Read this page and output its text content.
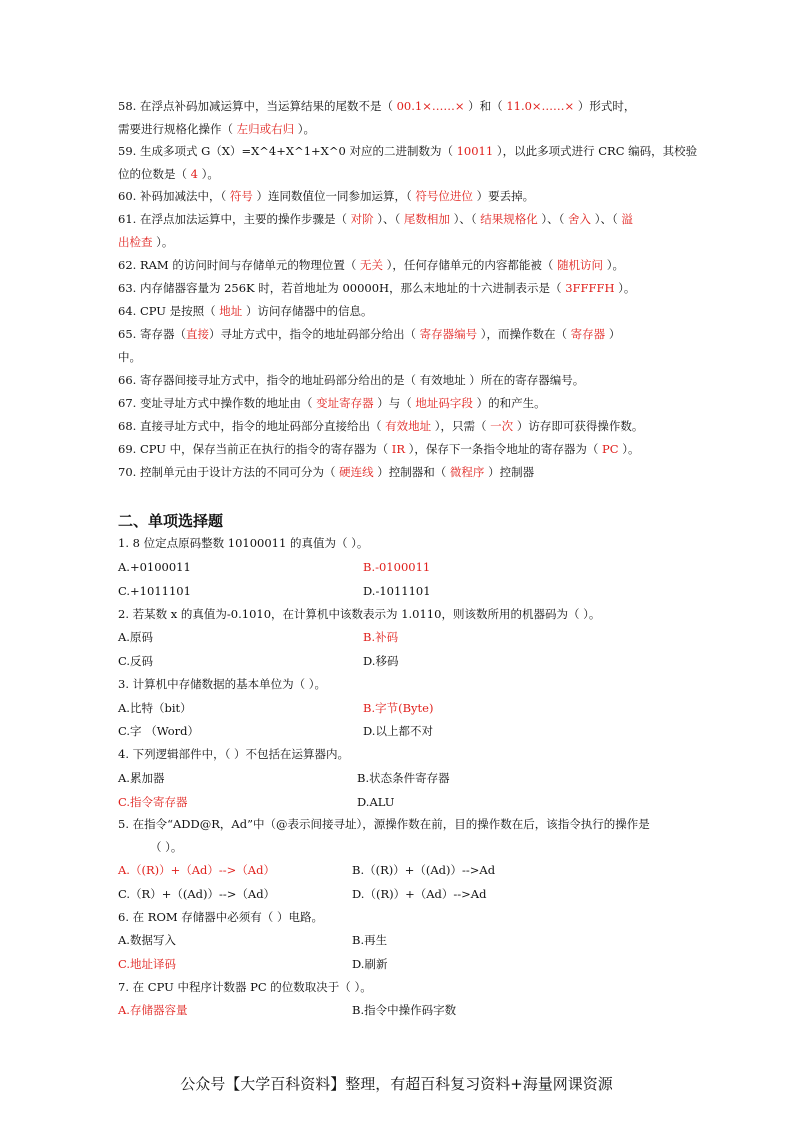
58. 在浮点补码加减运算中，当运算结果的尾数不是（ 00.1×……× ）和（ 11.0×……× ）形式时，
需要进行规格化操作（ 左归或右归 ）。
59. 生成多项式 G（X）=X^4+X^1+X^0 对应的二进制数为（ 10011 ），以此多项式进行 CRC 编码，其校验
位的位数是（ 4 ）。
60. 补码加减法中，（ 符号 ）连同数值位一同参加运算，（ 符号位进位 ）要丢掉。
61. 在浮点加法运算中，主要的操作步骤是（ 对阶 ）、（ 尾数相加 ）、（ 结果规格化 ）、（ 舍入 ）、（ 溢
出检查 ）。
62. RAM 的访问时间与存储单元的物理位置（ 无关 ），任何存储单元的内容都能被（ 随机访问 ）。
63. 内存储器容量为 256K 时，若首地址为 00000H，那么末地址的十六进制表示是（ 3FFFFH ）。
64. CPU 是按照（ 地址 ）访问存储器中的信息。
65. 寄存器（直接）寻址方式中，指令的地址码部分给出（ 寄存器编号 ），而操作数在（ 寄存器 ）
中。
66. 寄存器间接寻址方式中，指令的地址码部分给出的是（ 有效地址 ）所在的寄存器编号。
67. 变址寻址方式中操作数的地址由（ 变址寄存器 ）与（ 地址码字段 ）的和产生。
68. 直接寻址方式中，指令的地址码部分直接给出（ 有效地址 ），只需（ 一次 ）访存即可获得操作数。
69. CPU 中，保存当前正在执行的指令的寄存器为（ IR ），保存下一条指令地址的寄存器为（ PC ）。
70. 控制单元由于设计方法的不同可分为（ 硬连线 ）控制器和（ 微程序 ）控制器
二、单项选择题
1. 8 位定点原码整数 10100011 的真值为（ ）。
A.+0100011	B.-0100011
C.+1011101	D.-1011101
2. 若某数 x 的真值为-0.1010，在计算机中该数表示为 1.0110，则该数所用的机器码为（ ）。
A.原码	B.补码
C.反码	D.移码
3. 计算机中存储数据的基本单位为（ ）。
A.比特（bit）	B.字节(Byte)
C.字 （Word）	D.以上都不对
4. 下列逻辑部件中，（ ）不包括在运算器内。
A.累加器	B.状态条件寄存器
C.指令寄存器	D.ALU
5. 在指令“ADD@R，Ad”中（@表示间接寻址），源操作数在前，目的操作数在后，该指令执行的操作是
（ ）。
A.（(R)）+（Ad）-->（Ad）	B.（(R)）+（(Ad)）-->Ad
C.（R）+（(Ad)）-->（Ad）	D.（(R)）+（Ad）-->Ad
6. 在 ROM 存储器中必须有（ ）电路。
A.数据写入	B.再生
C.地址译码	D.刷新
7. 在 CPU 中程序计数器 PC 的位数取决于（ ）。
A.存储器容量	B.指令中操作码字数
公众号【大学百科资料】整理，有超百科复习资料+海量网课资源
